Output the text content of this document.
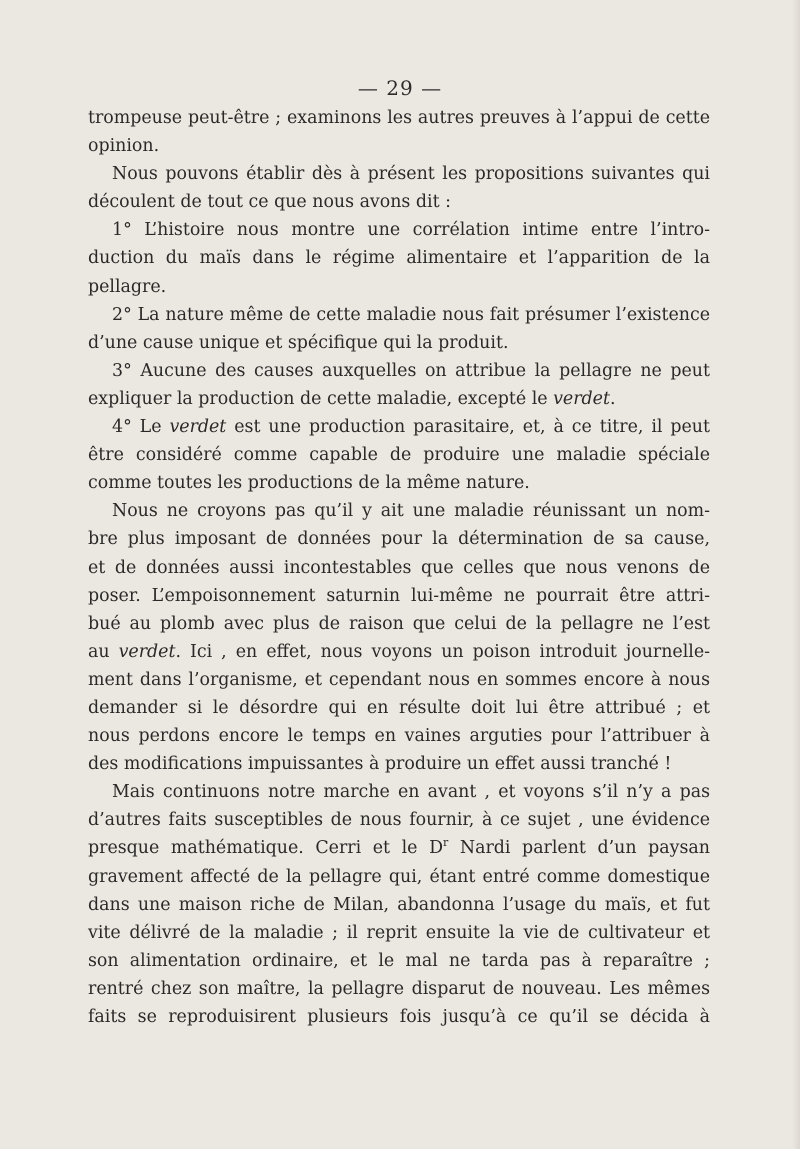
— 29 —
trompeuse peut-être ; examinons les autres preuves à l’appui de cette
opinion.
Nous pouvons établir dès à présent les propositions suivantes qui
découlent de tout ce que nous avons dit :
1° L’histoire nous montre une corrélation intime entre l’intro-
duction du maïs dans le régime alimentaire et l’apparition de la
pellagre.
2° La nature même de cette maladie nous fait présumer l’existence
d’une cause unique et spécifique qui la produit.
3° Aucune des causes auxquelles on attribue la pellagre ne peut
expliquer la production de cette maladie, excepté le verdet.
4° Le verdet est une production parasitaire, et, à ce titre, il peut
être considéré comme capable de produire une maladie spéciale
comme toutes les productions de la même nature.
Nous ne croyons pas qu’il y ait une maladie réunissant un nom-
bre plus imposant de données pour la détermination de sa cause,
et de données aussi incontestables que celles que nous venons de
poser. L’empoisonnement saturnin lui-même ne pourrait être attri-
bué au plomb avec plus de raison que celui de la pellagre ne l’est
au verdet. Ici , en effet, nous voyons un poison introduit journelle-
ment dans l’organisme, et cependant nous en sommes encore à nous
demander si le désordre qui en résulte doit lui être attribué ; et
nous perdons encore le temps en vaines arguties pour l’attribuer à
des modifications impuissantes à produire un effet aussi tranché !
Mais continuons notre marche en avant , et voyons s’il n’y a pas
d’autres faits susceptibles de nous fournir, à ce sujet , une évidence
presque mathématique. Cerri et le $D^r$ Nardi parlent d’un paysan
gravement affecté de la pellagre qui, étant entré comme domestique
dans une maison riche de Milan, abandonna l’usage du maïs, et fut
vite délivré de la maladie ; il reprit ensuite la vie de cultivateur et
son alimentation ordinaire, et le mal ne tarda pas à reparaître ;
rentré chez son maître, la pellagre disparut de nouveau. Les mêmes
faits se reproduisirent plusieurs fois jusqu’à ce qu’il se décida à
